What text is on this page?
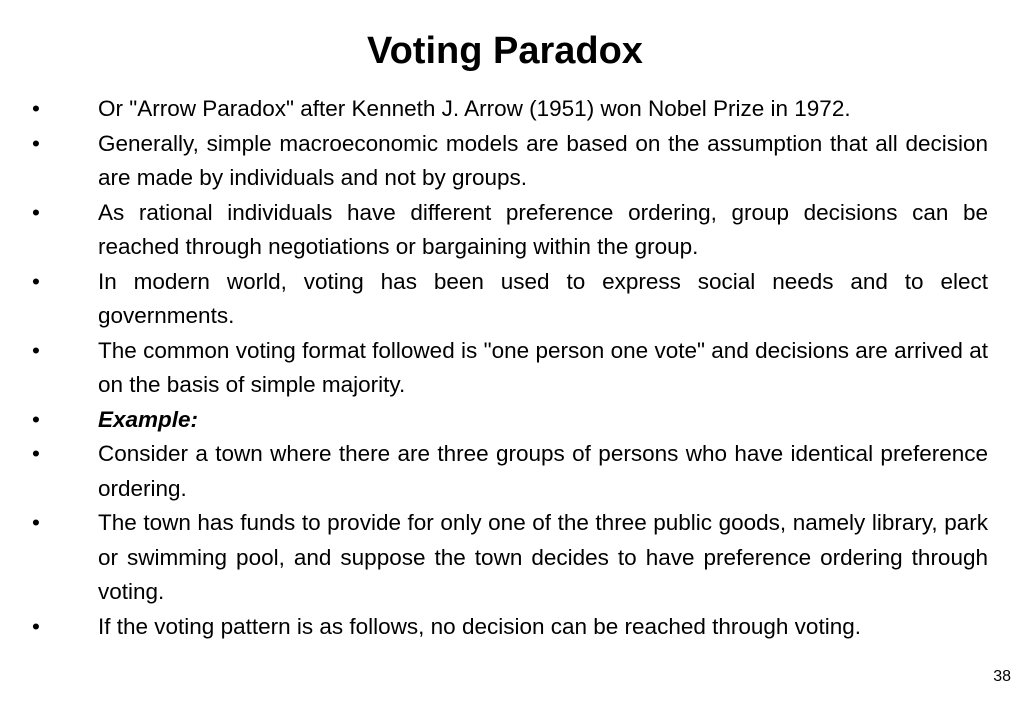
Voting Paradox
•	Or "Arrow Paradox" after Kenneth J. Arrow (1951) won Nobel Prize in 1972.
•	Generally, simple macroeconomic models are based on the assumption that all decision are made by individuals and not by groups.
•	As rational individuals have different preference ordering, group decisions can be reached through negotiations or bargaining within the group.
•	In modern world, voting has been used to express social needs and to elect governments.
•	The common voting format followed is "one person one vote" and decisions are arrived at on the basis of simple majority.
•	Example:
•	Consider a town where there are three groups of persons who have identical preference ordering.
•	The town has funds to provide for only one of the three public goods, namely library, park or swimming pool, and suppose the town decides to have preference ordering through voting.
•	If the voting pattern is as follows, no decision can be reached through voting.
38
